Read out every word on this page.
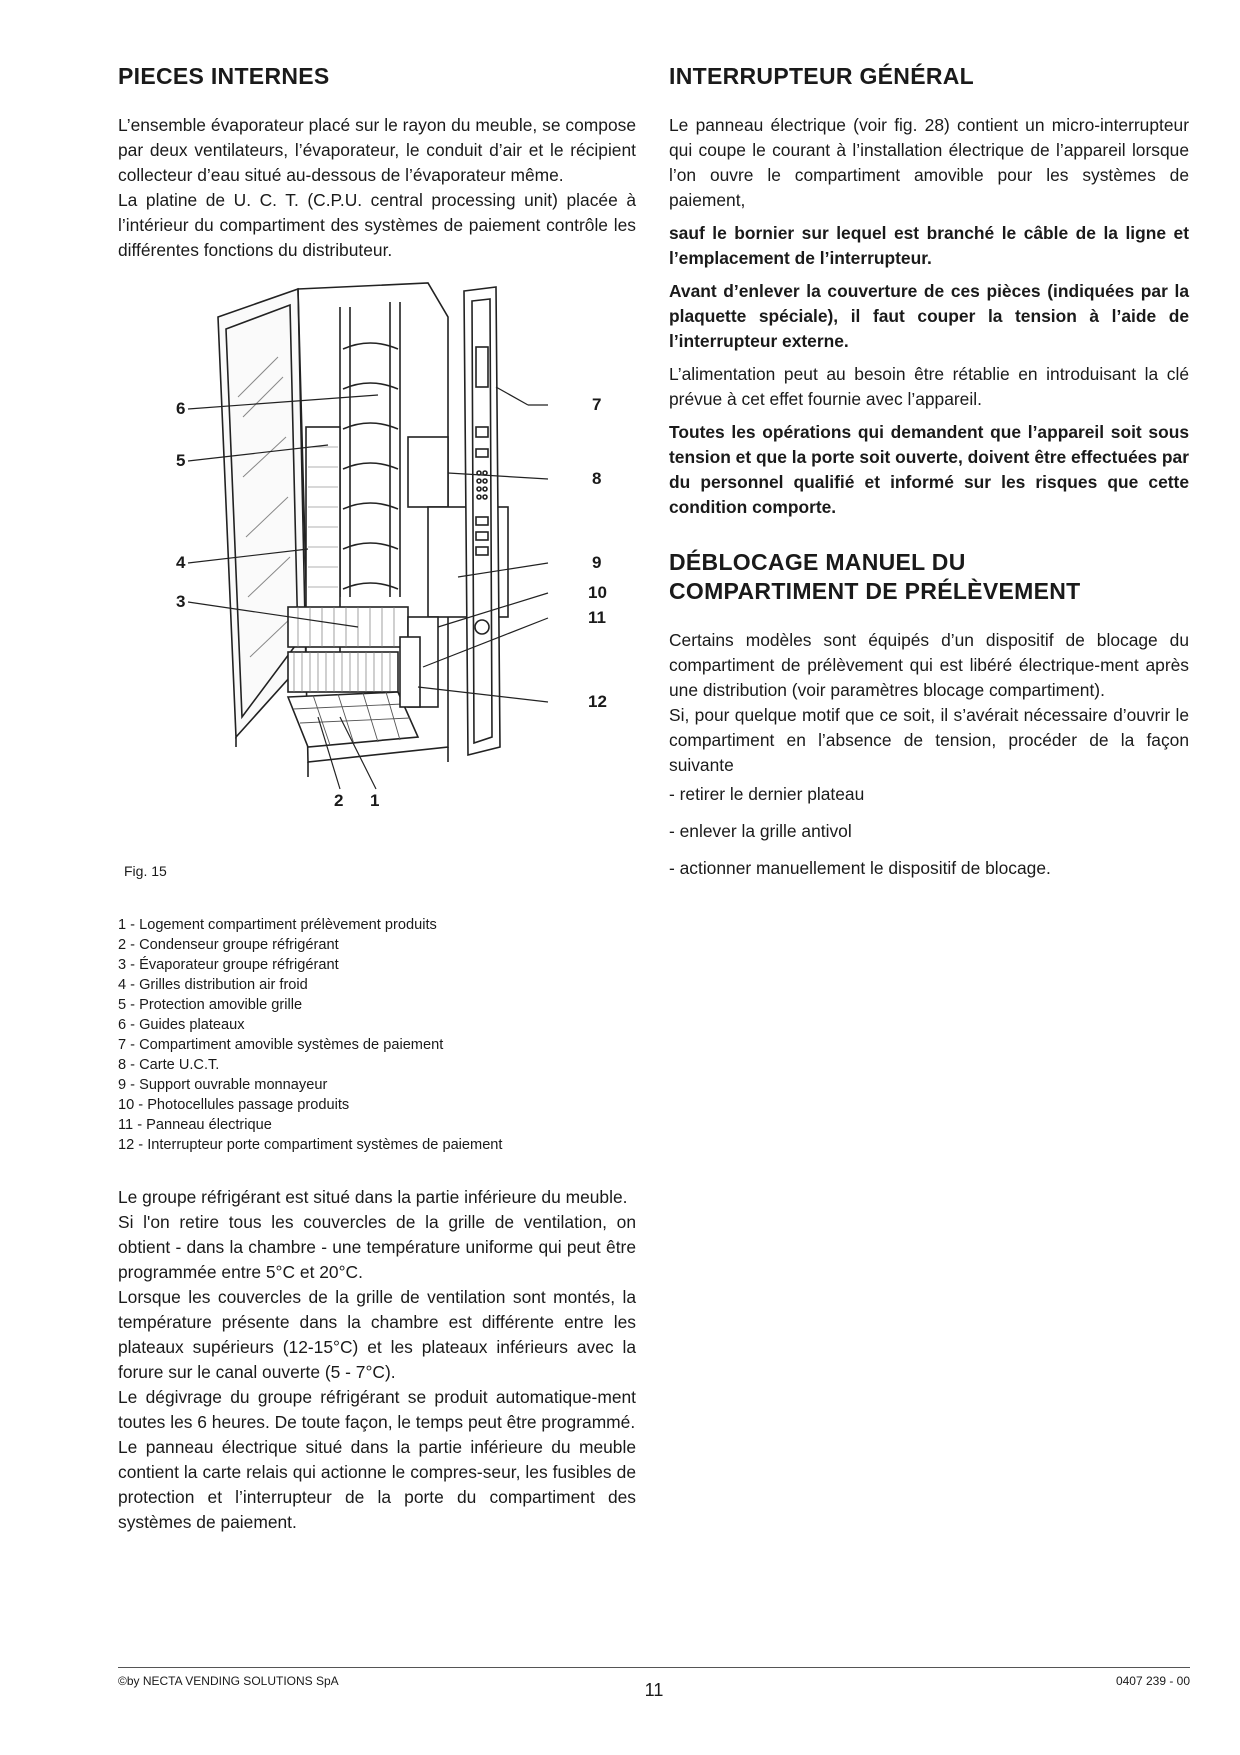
PIECES INTERNES

L’ensemble évaporateur placé sur le rayon du meuble, se compose par deux ventilateurs, l’évaporateur, le conduit d’air et le récipient collecteur d’eau situé au-dessous de l’évaporateur même.

La platine de U. C. T. (C.P.U. central processing unit) placée à l’intérieur du compartiment des systèmes de paiement contrôle les différentes fonctions du distributeur.

6
5
4
3
7
8
9
10
11
12
2 1
Fig. 15
1 - Logement compartiment prélèvement produits
2 - Condenseur groupe réfrigérant
3 - Évaporateur groupe réfrigérant
4 - Grilles distribution air froid
5 - Protection amovible grille
6 - Guides plateaux
7 - Compartiment amovible systèmes de paiement
8 - Carte U.C.T.
9 - Support ouvrable monnayeur
10 - Photocellules passage produits
11 - Panneau électrique
12 - Interrupteur porte compartiment systèmes de paiement

Le groupe réfrigérant est situé dans la partie inférieure du meuble.

Si l'on retire tous les couvercles de la grille de ventilation, on obtient - dans la chambre - une température uniforme qui peut être programmée entre 5°C et 20°C.

Lorsque les couvercles de la grille de ventilation sont montés, la température présente dans la chambre est différente entre les plateaux supérieurs (12-15°C) et les plateaux inférieurs avec la forure sur le canal ouverte (5 - 7°C).

Le dégivrage du groupe réfrigérant se produit automatique-ment toutes les 6 heures. De toute façon, le temps peut être programmé.

Le panneau électrique situé dans la partie inférieure du meuble contient la carte relais qui actionne le compres-seur, les fusibles de protection et l’interrupteur de la porte du compartiment des systèmes de paiement.

INTERRUPTEUR GÉNÉRAL

Le panneau électrique (voir fig. 28) contient un micro-interrupteur qui coupe le courant à l’installation électrique de l’appareil lorsque l’on ouvre le compartiment amovible pour les systèmes de paiement,

sauf le bornier sur lequel est branché le câble de la ligne et l’emplacement de l’interrupteur.

Avant d’enlever la couverture de ces pièces (indiquées par la plaquette spéciale), il faut couper la tension à l’aide de l’interrupteur externe.

L’alimentation peut au besoin être rétablie en introduisant la clé prévue à cet effet fournie avec l’appareil.

Toutes les opérations qui demandent que l’appareil soit sous tension et que la porte soit ouverte, doivent être effectuées par du personnel qualifié et informé sur les risques que cette condition comporte.

DÉBLOCAGE MANUEL DU
COMPARTIMENT DE PRÉLÈVEMENT

Certains modèles sont équipés d’un dispositif de blocage du compartiment de prélèvement qui est libéré électrique-ment après une distribution (voir paramètres blocage compartiment).

Si, pour quelque motif que ce soit, il s’avérait nécessaire d’ouvrir le compartiment en l’absence de tension, procéder de la façon suivante

- retirer le dernier plateau
- enlever la grille antivol
- actionner manuellement le dispositif de blocage.
©by NECTA VENDING SOLUTIONS SpA	11	0407 239 - 00
